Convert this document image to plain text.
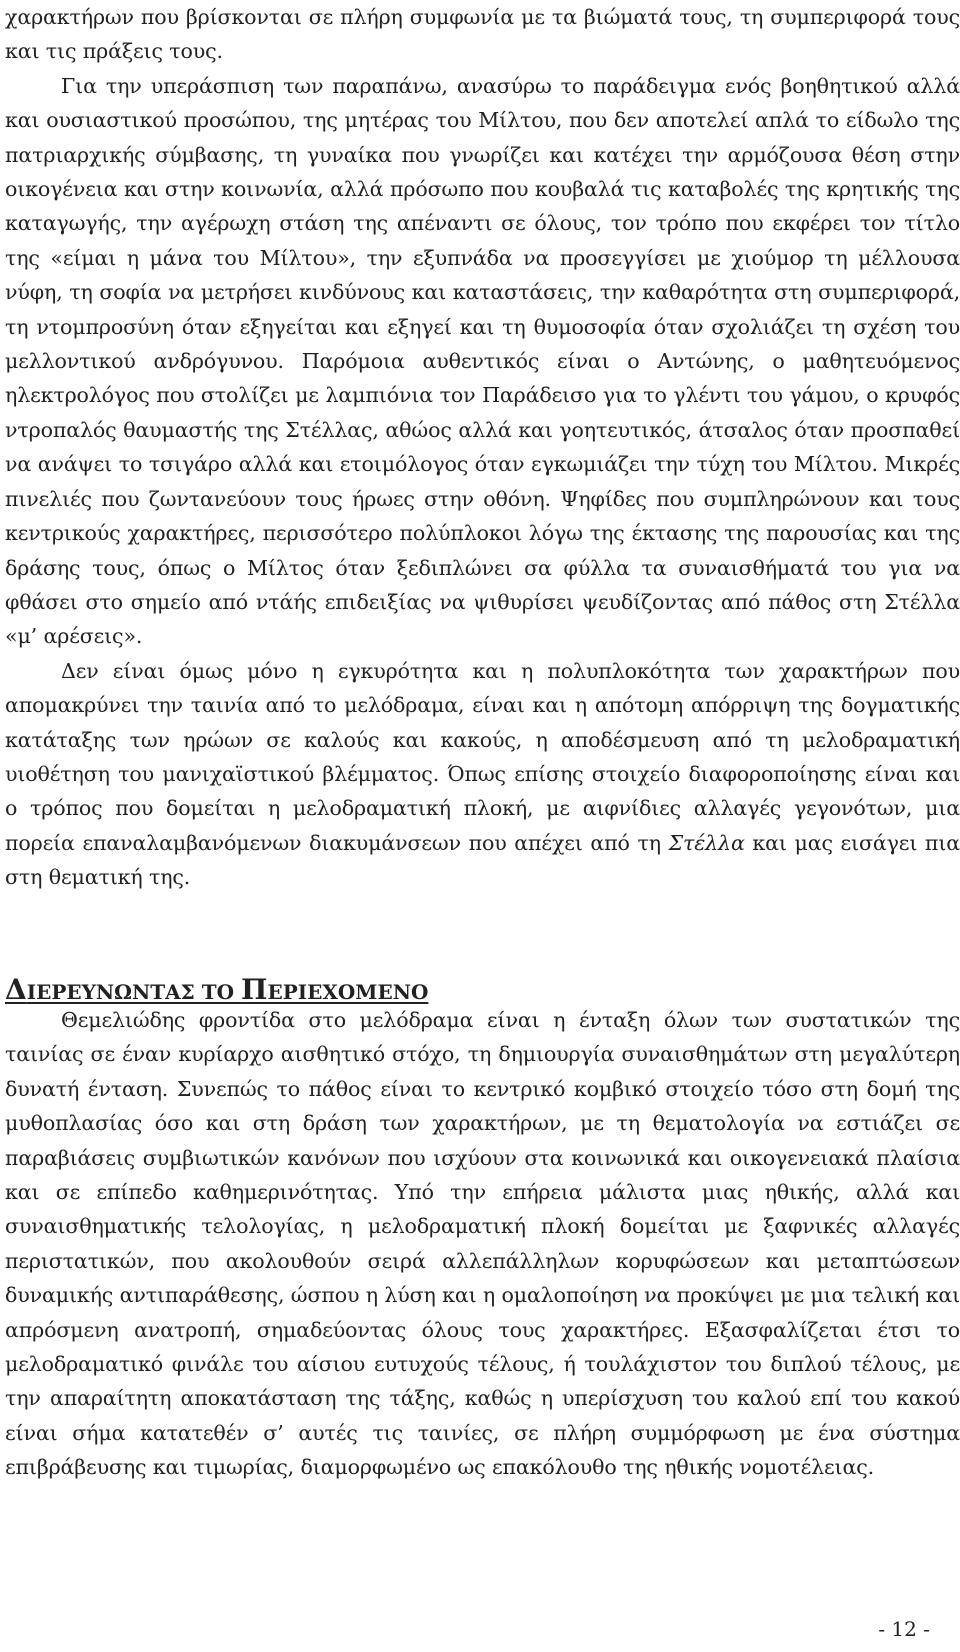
χαρακτήρων που βρίσκονται σε πλήρη συμφωνία με τα βιώματά τους, τη συμπεριφορά τους και τις πράξεις τους.

Για την υπεράσπιση των παραπάνω, ανασύρω το παράδειγμα ενός βοηθητικού αλλά και ουσιαστικού προσώπου, της μητέρας του Μίλτου, που δεν αποτελεί απλά το είδωλο της πατριαρχικής σύμβασης, τη γυναίκα που γνωρίζει και κατέχει την αρμόζουσα θέση στην οικογένεια και στην κοινωνία, αλλά πρόσωπο που κουβαλά τις καταβολές της κρητικής της καταγωγής, την αγέρωχη στάση της απέναντι σε όλους, τον τρόπο που εκφέρει τον τίτλο της «είμαι η μάνα του Μίλτου», την εξυπνάδα να προσεγγίσει με χιούμορ τη μέλλουσα νύφη, τη σοφία να μετρήσει κινδύνους και καταστάσεις, την καθαρότητα στη συμπεριφορά, τη ντομπροσύνη όταν εξηγείται και εξηγεί και τη θυμοσοφία όταν σχολιάζει τη σχέση του μελλοντικού ανδρόγυνου. Παρόμοια αυθεντικός είναι ο Αντώνης, ο μαθητευόμενος ηλεκτρολόγος που στολίζει με λαμπιόνια τον Παράδεισο για το γλέντι του γάμου, ο κρυφός ντροπαλός θαυμαστής της Στέλλας, αθώος αλλά και γοητευτικός, άτσαλος όταν προσπαθεί να ανάψει το τσιγάρο αλλά και ετοιμόλογος όταν εγκωμιάζει την τύχη του Μίλτου. Μικρές πινελιές που ζωντανεύουν τους ήρωες στην οθόνη. Ψηφίδες που συμπληρώνουν και τους κεντρικούς χαρακτήρες, περισσότερο πολύπλοκοι λόγω της έκτασης της παρουσίας και της δράσης τους, όπως ο Μίλτος όταν ξεδιπλώνει σα φύλλα τα συναισθήματά του για να φθάσει στο σημείο από ντάής επιδειξίας να ψιθυρίσει ψευδίζοντας από πάθος στη Στέλλα «μ’ αρέσεις».

Δεν είναι όμως μόνο η εγκυρότητα και η πολυπλοκότητα των χαρακτήρων που απομακρύνει την ταινία από το μελόδραμα, είναι και η απότομη απόρριψη της δογματικής κατάταξης των ηρώων σε καλούς και κακούς, η αποδέσμευση από τη μελοδραματική υιοθέτηση του μανιχαϊστικού βλέμματος. Όπως επίσης στοιχείο διαφοροποίησης είναι και ο τρόπος που δομείται η μελοδραματική πλοκή, με αιφνίδιες αλλαγές γεγονότων, μια πορεία επαναλαμβανόμενων διακυμάνσεων που απέχει από τη Στέλλα και μας εισάγει πια στη θεματική της.

ΔΙΕΡΕΥΝΩΝΤΑΣ ΤΟ ΠΕΡΙΕΧΟΜΕΝΟ

Θεμελιώδης φροντίδα στο μελόδραμα είναι η ένταξη όλων των συστατικών της ταινίας σε έναν κυρίαρχο αισθητικό στόχο, τη δημιουργία συναισθημάτων στη μεγαλύτερη δυνατή ένταση. Συνεπώς το πάθος είναι το κεντρικό κομβικό στοιχείο τόσο στη δομή της μυθοπλασίας όσο και στη δράση των χαρακτήρων, με τη θεματολογία να εστιάζει σε παραβιάσεις συμβιωτικών κανόνων που ισχύουν στα κοινωνικά και οικογενειακά πλαίσια και σε επίπεδο καθημερινότητας. Υπό την επήρεια μάλιστα μιας ηθικής, αλλά και συναισθηματικής τελολογίας, η μελοδραματική πλοκή δομείται με ξαφνικές αλλαγές περιστατικών, που ακολουθούν σειρά αλλεπάλληλων κορυφώσεων και μεταπτώσεων δυναμικής αντιπαράθεσης, ώσπου η λύση και η ομαλοποίηση να προκύψει με μια τελική και απρόσμενη ανατροπή, σημαδεύοντας όλους τους χαρακτήρες. Εξασφαλίζεται έτσι το μελοδραματικό φινάλε του αίσιου ευτυχούς τέλους, ή τουλάχιστον του διπλού τέλους, με την απαραίτητη αποκατάσταση της τάξης, καθώς η υπερίσχυση του καλού επί του κακού είναι σήμα κατατεθέν σ’ αυτές τις ταινίες, σε πλήρη συμμόρφωση με ένα σύστημα επιβράβευσης και τιμωρίας, διαμορφωμένο ως επακόλουθο της ηθικής νομοτέλειας.

- 12 -
